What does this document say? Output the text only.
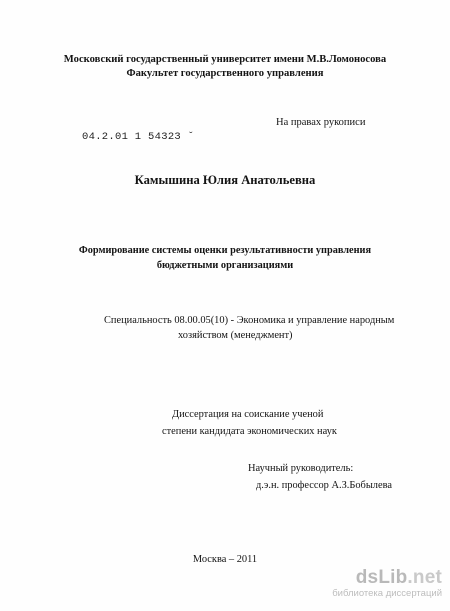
Московский государственный университет имени М.В.Ломоносова
Факультет государственного управления
На правах рукописи
04.2.01 1 54323 ˇ
Камышина Юлия Анатольевна
Формирование системы оценки результативности управления
бюджетными организациями
Специальность 08.00.05(10) - Экономика и управление народным
хозяйством (менеджмент)
Диссертация на соискание ученой
степени кандидата экономических наук
Научный руководитель:
д.э.н. профессор А.З.Бобылева
Москва – 2011
dsLib.net
библиотека диссертаций
